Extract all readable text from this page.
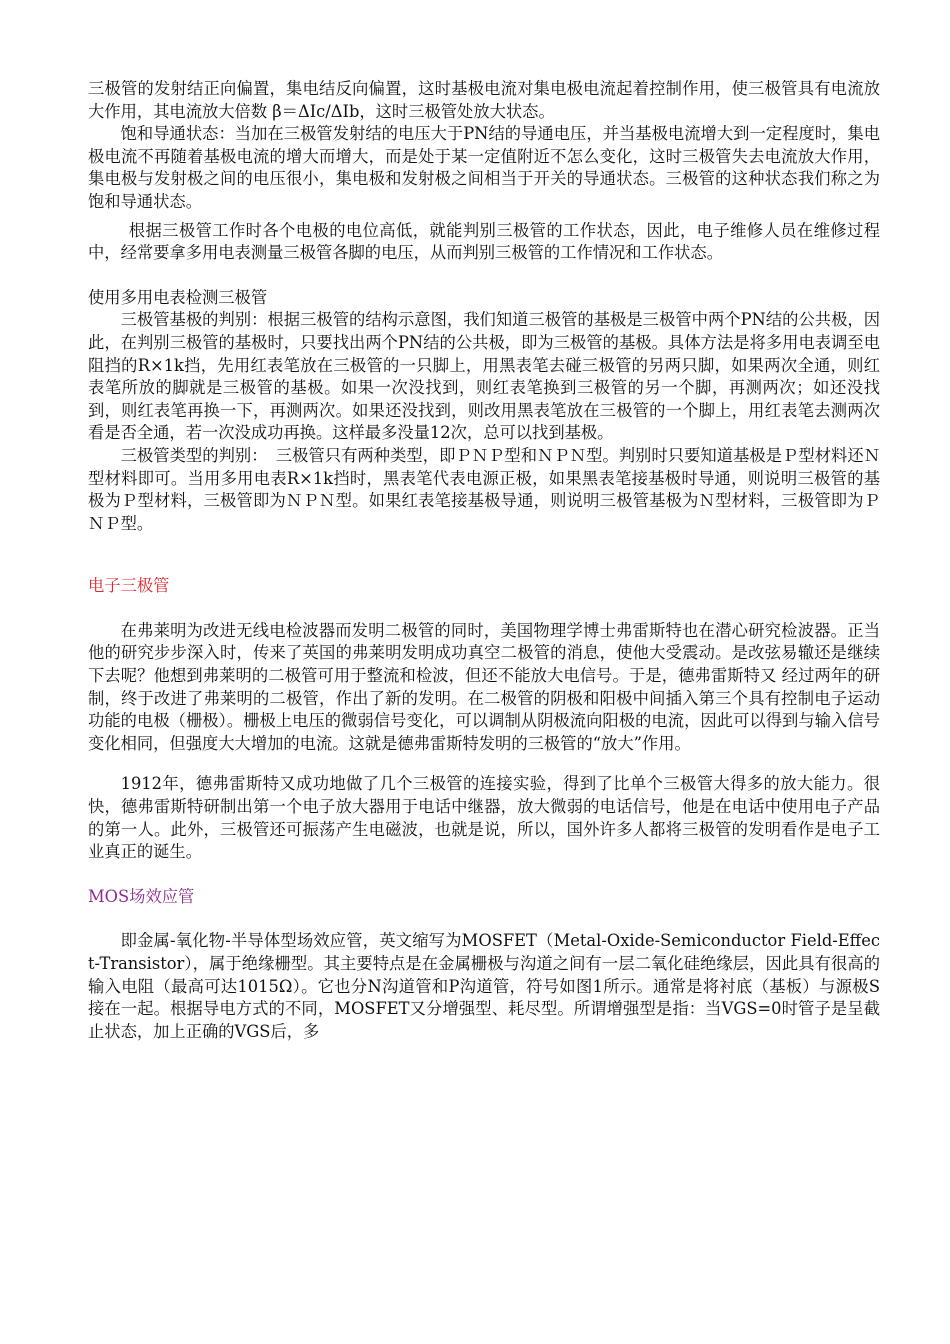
三极管的发射结正向偏置，集电结反向偏置，这时基极电流对集电极电流起着控制作用，使三极管具有电流放大作用，其电流放大倍数 β＝ΔIc/ΔIb，这时三极管处放大状态。

饱和导通状态：当加在三极管发射结的电压大于PN结的导通电压，并当基极电流增大到一定程度时，集电极电流不再随着基极电流的增大而增大，而是处于某一定值附近不怎么变化，这时三极管失去电流放大作用，集电极与发射极之间的电压很小，集电极和发射极之间相当于开关的导通状态。三极管的这种状态我们称之为饱和导通状态。

根据三极管工作时各个电极的电位高低，就能判别三极管的工作状态，因此，电子维修人员在维修过程中，经常要拿多用电表测量三极管各脚的电压，从而判别三极管的工作情况和工作状态。

使用多用电表检测三极管

三极管基极的判别：根据三极管的结构示意图，我们知道三极管的基极是三极管中两个PN结的公共极，因此，在判别三极管的基极时，只要找出两个PN结的公共极，即为三极管的基极。具体方法是将多用电表调至电阻挡的R×1k挡，先用红表笔放在三极管的一只脚上，用黑表笔去碰三极管的另两只脚，如果两次全通，则红表笔所放的脚就是三极管的基极。如果一次没找到，则红表笔换到三极管的另一个脚，再测两次；如还没找到，则红表笔再换一下，再测两次。如果还没找到，则改用黑表笔放在三极管的一个脚上，用红表笔去测两次看是否全通，若一次没成功再换。这样最多没量12次，总可以找到基极。

三极管类型的判别：　三极管只有两种类型，即ＰＮＰ型和ＮＰＮ型。判别时只要知道基极是Ｐ型材料还Ｎ型材料即可。当用多用电表R×1k挡时，黑表笔代表电源正极，如果黑表笔接基极时导通，则说明三极管的基极为Ｐ型材料，三极管即为ＮＰＮ型。如果红表笔接基极导通，则说明三极管基极为Ｎ型材料，三极管即为ＰＮＰ型。

电子三极管

在弗莱明为改进无线电检波器而发明二极管的同时，美国物理学博士弗雷斯特也在潜心研究检波器。正当他的研究步步深入时，传来了英国的弗莱明发明成功真空二极管的消息，使他大受震动。是改弦易辙还是继续下去呢？他想到弗莱明的二极管可用于整流和检波，但还不能放大电信号。于是，德弗雷斯特又 经过两年的研制，终于改进了弗莱明的二极管，作出了新的发明。在二极管的阴极和阳极中间插入第三个具有控制电子运动功能的电极（栅极）。栅极上电压的微弱信号变化，可以调制从阴极流向阳极的电流，因此可以得到与输入信号变化相同，但强度大大增加的电流。这就是德弗雷斯特发明的三极管的“放大”作用。

1912年，德弗雷斯特又成功地做了几个三极管的连接实验，得到了比单个三极管大得多的放大能力。很快，德弗雷斯特研制出第一个电子放大器用于电话中继器，放大微弱的电话信号，他是在电话中使用电子产品的第一人。此外，三极管还可振荡产生电磁波，也就是说，所以，国外许多人都将三极管的发明看作是电子工业真正的诞生。

MOS场效应管

即金属-氧化物-半导体型场效应管，英文缩写为MOSFET（Metal-Oxide-Semiconductor Field-Effect-Transistor），属于绝缘栅型。其主要特点是在金属栅极与沟道之间有一层二氧化硅绝缘层，因此具有很高的输入电阻（最高可达1015Ω）。它也分N沟道管和P沟道管，符号如图1所示。通常是将衬底（基板）与源极S接在一起。根据导电方式的不同，MOSFET又分增强型、耗尽型。所谓增强型是指：当VGS=0时管子是呈截止状态，加上正确的VGS后，多
